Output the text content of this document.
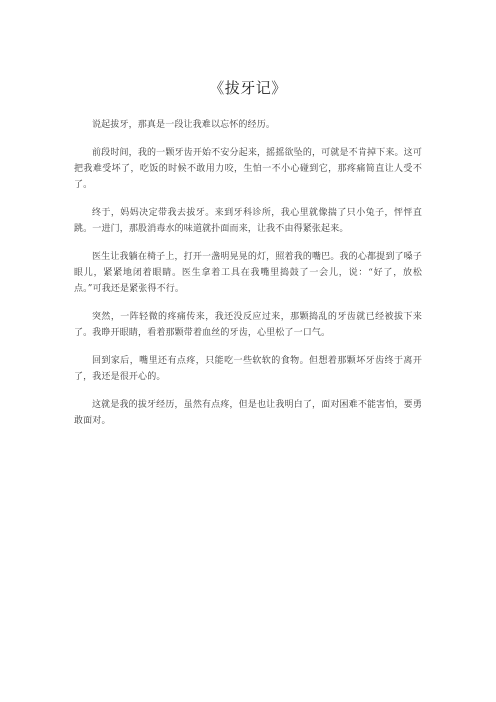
《拔牙记》

说起拔牙，那真是一段让我难以忘怀的经历。

前段时间，我的一颗牙齿开始不安分起来，摇摇欲坠的，可就是不肯掉下来。这可把我难受坏了，吃饭的时候不敢用力咬，生怕一不小心碰到它，那疼痛简直让人受不了。

终于，妈妈决定带我去拔牙。来到牙科诊所，我心里就像揣了只小兔子，怦怦直跳。一进门，那股消毒水的味道就扑面而来，让我不由得紧张起来。

医生让我躺在椅子上，打开一盏明晃晃的灯，照着我的嘴巴。我的心都提到了嗓子眼儿，紧紧地闭着眼睛。医生拿着工具在我嘴里捣鼓了一会儿，说：“好了，放松点。”可我还是紧张得不行。

突然，一阵轻微的疼痛传来，我还没反应过来，那颗捣乱的牙齿就已经被拔下来了。我睁开眼睛，看着那颗带着血丝的牙齿，心里松了一口气。

回到家后，嘴里还有点疼，只能吃一些软软的食物。但想着那颗坏牙齿终于离开了，我还是很开心的。

这就是我的拔牙经历，虽然有点疼，但是也让我明白了，面对困难不能害怕，要勇敢面对。
